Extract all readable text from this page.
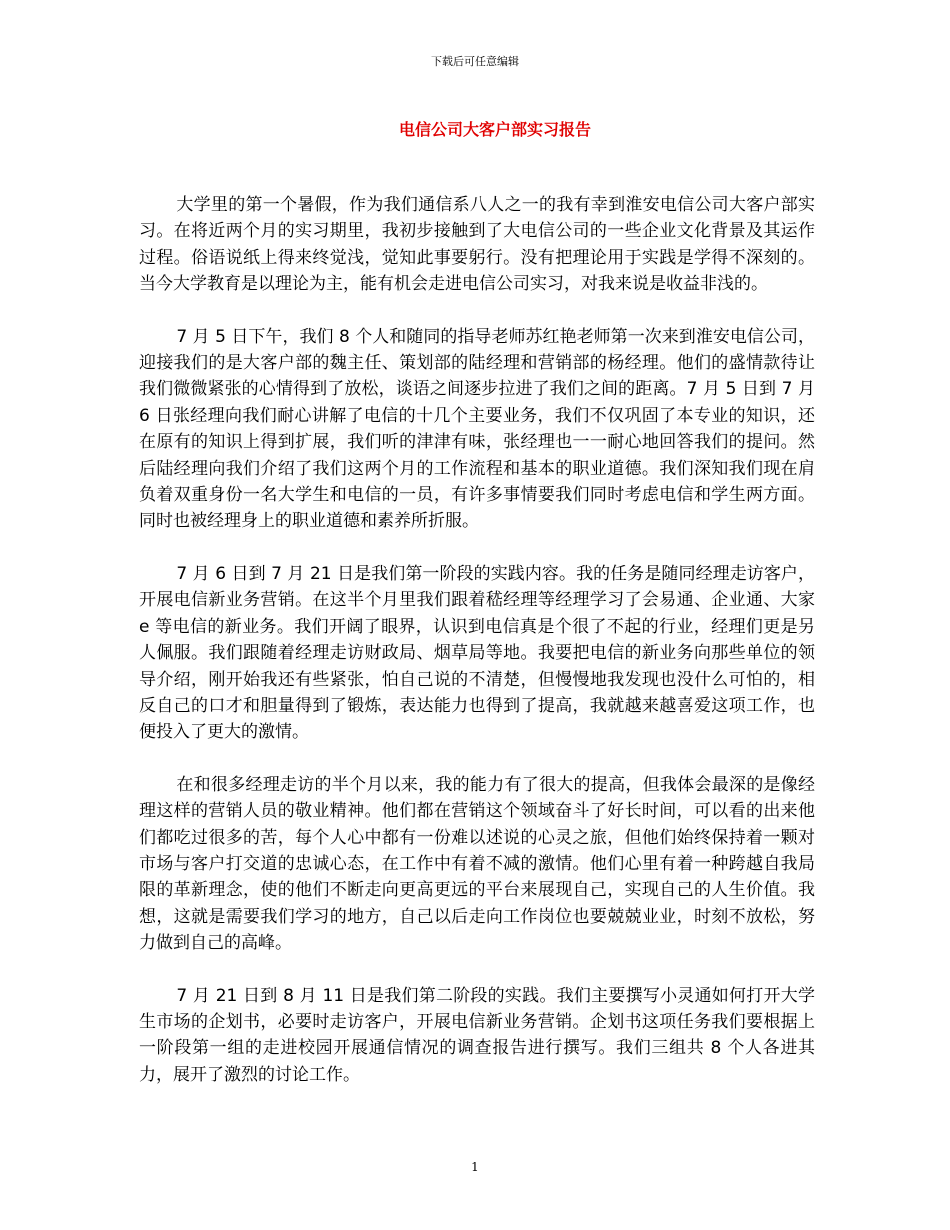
下载后可任意编辑
电信公司大客户部实习报告

大学里的第一个暑假，作为我们通信系八人之一的我有幸到淮安电信公司大客户部实习。在将近两个月的实习期里，我初步接触到了大电信公司的一些企业文化背景及其运作过程。俗语说纸上得来终觉浅，觉知此事要躬行。没有把理论用于实践是学得不深刻的。当今大学教育是以理论为主，能有机会走进电信公司实习，对我来说是收益非浅的。

7 月 5 日下午，我们 8 个人和随同的指导老师苏红艳老师第一次来到淮安电信公司，迎接我们的是大客户部的魏主任、策划部的陆经理和营销部的杨经理。他们的盛情款待让我们微微紧张的心情得到了放松，谈语之间逐步拉进了我们之间的距离。7 月 5 日到 7 月 6 日张经理向我们耐心讲解了电信的十几个主要业务，我们不仅巩固了本专业的知识，还在原有的知识上得到扩展，我们听的津津有味，张经理也一一耐心地回答我们的提问。然后陆经理向我们介绍了我们这两个月的工作流程和基本的职业道德。我们深知我们现在肩负着双重身份一名大学生和电信的一员，有许多事情要我们同时考虑电信和学生两方面。同时也被经理身上的职业道德和素养所折服。

7 月 6 日到 7 月 21 日是我们第一阶段的实践内容。我的任务是随同经理走访客户，开展电信新业务营销。在这半个月里我们跟着嵇经理等经理学习了会易通、企业通、大家 e 等电信的新业务。我们开阔了眼界，认识到电信真是个很了不起的行业，经理们更是另人佩服。我们跟随着经理走访财政局、烟草局等地。我要把电信的新业务向那些单位的领导介绍，刚开始我还有些紧张，怕自己说的不清楚，但慢慢地我发现也没什么可怕的，相反自己的口才和胆量得到了锻炼，表达能力也得到了提高，我就越来越喜爱这项工作，也便投入了更大的激情。

在和很多经理走访的半个月以来，我的能力有了很大的提高，但我体会最深的是像经理这样的营销人员的敬业精神。他们都在营销这个领域奋斗了好长时间，可以看的出来他们都吃过很多的苦，每个人心中都有一份难以述说的心灵之旅，但他们始终保持着一颗对市场与客户打交道的忠诚心态，在工作中有着不减的激情。他们心里有着一种跨越自我局限的革新理念，使的他们不断走向更高更远的平台来展现自己，实现自己的人生价值。我想，这就是需要我们学习的地方，自己以后走向工作岗位也要兢兢业业，时刻不放松，努力做到自己的高峰。

7 月 21 日到 8 月 11 日是我们第二阶段的实践。我们主要撰写小灵通如何打开大学生市场的企划书，必要时走访客户，开展电信新业务营销。企划书这项任务我们要根据上一阶段第一组的走进校园开展通信情况的调查报告进行撰写。我们三组共 8 个人各进其力，展开了激烈的讨论工作。

1
